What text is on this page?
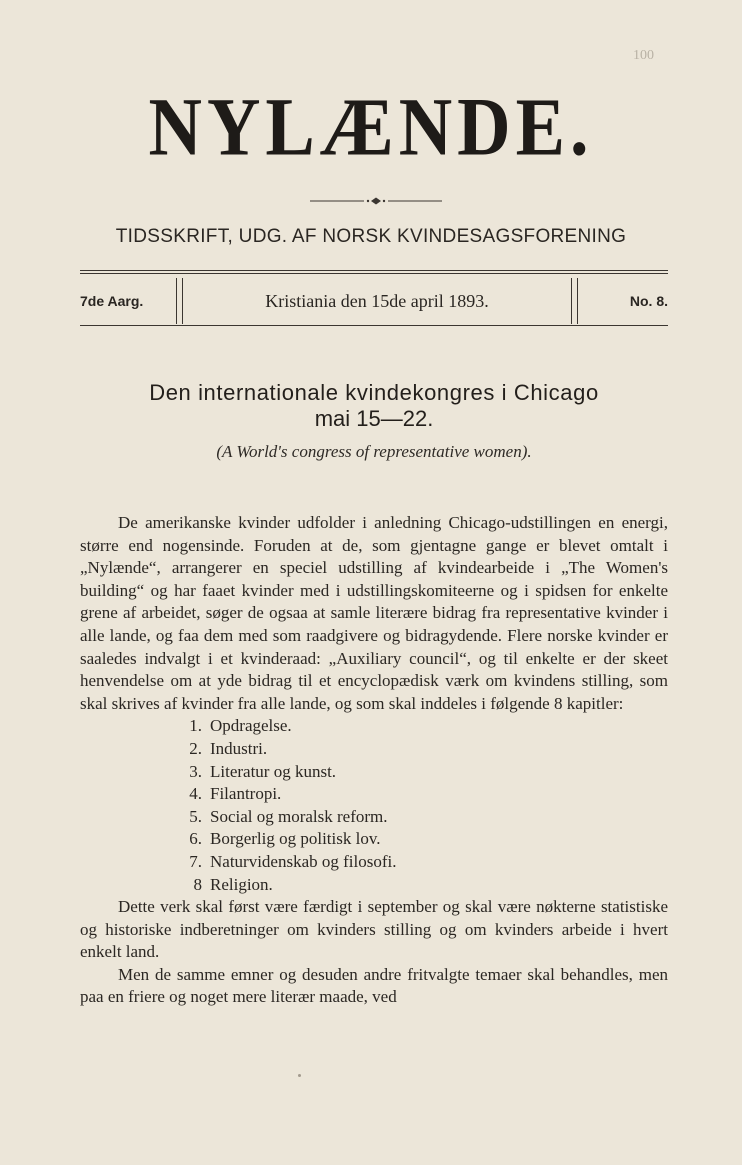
100
NYLÆNDE.
TIDSSKRIFT, UDG. AF NORSK KVINDESAGSFORENING
7de Aarg.	Kristiania den 15de april 1893.	No. 8.
Den internationale kvindekongres i Chicago
mai 15—22.
(A World's congress of representative women).

De amerikanske kvinder udfolder i anledning Chicago-udstillingen en energi, større end nogensinde. Foruden at de, som gjentagne gange er blevet omtalt i „Nylænde“, arrangerer en speciel udstilling af kvindearbeide i „The Women's building“ og har faaet kvinder med i udstillingskomiteerne og i spidsen for enkelte grene af arbeidet, søger de ogsaa at samle literære bidrag fra representative kvinder i alle lande, og faa dem med som raadgivere og bidragydende. Flere norske kvinder er saaledes indvalgt i et kvinderaad: „Auxiliary council“, og til enkelte er der skeet henvendelse om at yde bidrag til et encyclopædisk værk om kvindens stilling, som skal skrives af kvinder fra alle lande, og som skal inddeles i følgende 8 kapitler:

1. Opdragelse.
2. Industri.
3. Literatur og kunst.
4. Filantropi.
5. Social og moralsk reform.
6. Borgerlig og politisk lov.
7. Naturvidenskab og filosofi.
8 Religion.

Dette verk skal først være færdigt i september og skal være nøkterne statistiske og historiske indberetninger om kvinders stilling og om kvinders arbeide i hvert enkelt land.

Men de samme emner og desuden andre fritvalgte temaer skal behandles, men paa en friere og noget mere literær maade, ved
